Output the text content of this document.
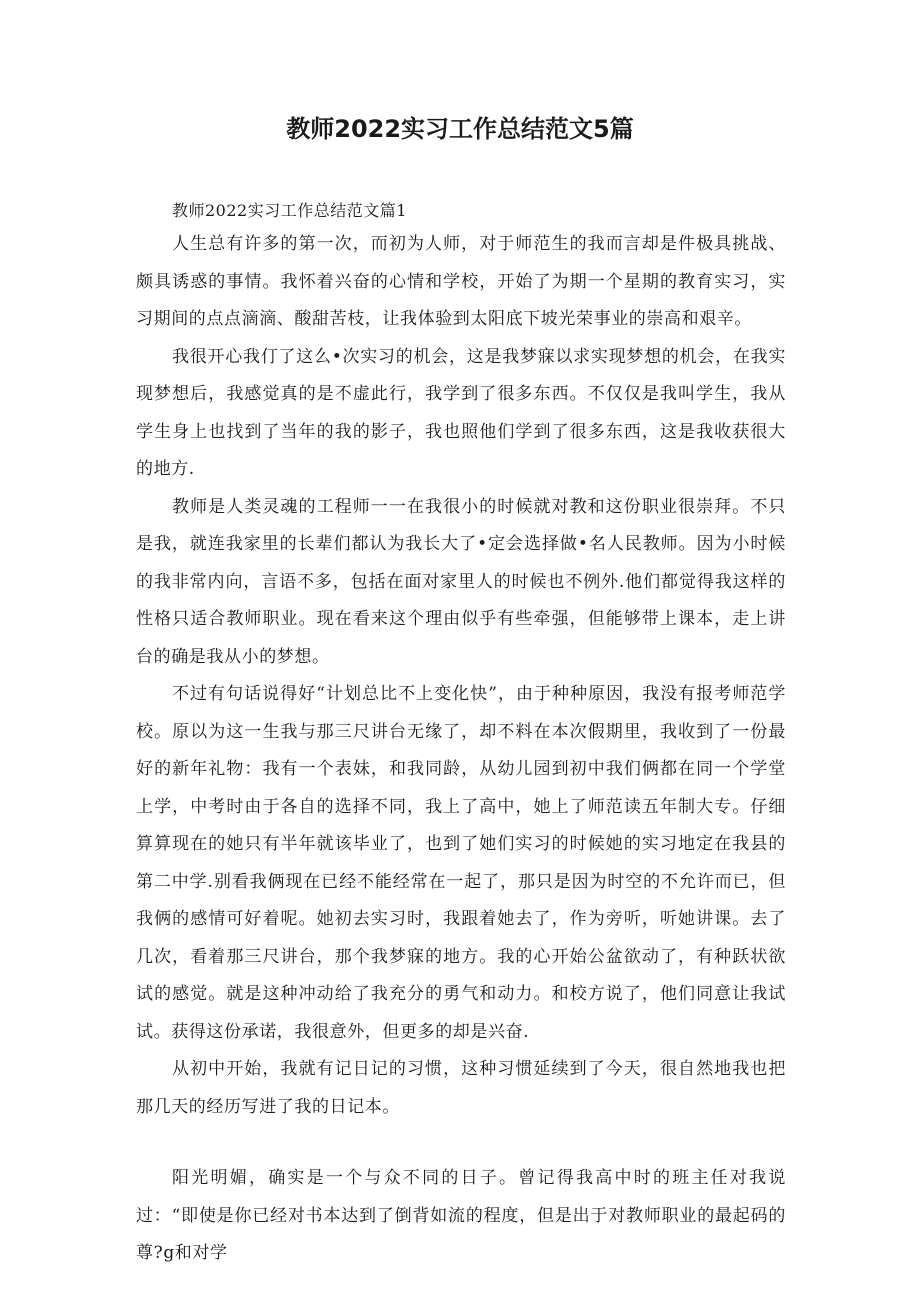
教师2022实习工作总结范文5篇

教师2022实习工作总结范文篇1

人生总有许多的第一次，而初为人师，对于师范生的我而言却是件极具挑战、颇具诱惑的事情。我怀着兴奋的心情和学校，开始了为期一个星期的教育实习，实习期间的点点滴滴、酸甜苦枝，让我体验到太阳底下坡光荣事业的崇高和艰辛。

我很开心我仃了这么•次实习的机会，这是我梦寐以求实现梦想的机会，在我实现梦想后，我感觉真的是不虚此行，我学到了很多东西。不仅仅是我叫学生，我从学生身上也找到了当年的我的影子，我也照他们学到了很多东西，这是我收获很大的地方.

教师是人类灵魂的工程师一一在我很小的时候就对教和这份职业很崇拜。不只是我，就连我家里的长辈们都认为我长大了•定会选择做•名人民教师。因为小时候的我非常内向，言语不多，包括在面对家里人的时候也不例外.他们都觉得我这样的性格只适合教师职业。现在看来这个理由似乎有些牵强，但能够带上课本，走上讲台的确是我从小的梦想。

不过有句话说得好“计划总比不上变化快”，由于种种原因，我没有报考师范学校。原以为这一生我与那三尺讲台无缘了，却不料在本次假期里，我收到了一份最好的新年礼物：我有一个表妹，和我同龄，从幼儿园到初中我们俩都在同一个学堂上学，中考时由于各自的选择不同，我上了高中，她上了师范读五年制大专。仔细算算现在的她只有半年就该毕业了，也到了她们实习的时候她的实习地定在我县的第二中学.别看我俩现在已经不能经常在一起了，那只是因为时空的不允许而已，但我俩的感情可好着呢。她初去实习时，我跟着她去了，作为旁听，听她讲课。去了几次，看着那三尺讲台，那个我梦寐的地方。我的心开始公盆欲动了，有种跃状欲试的感觉。就是这种冲动给了我充分的勇气和动力。和校方说了，他们同意让我试试。获得这份承诺，我很意外，但更多的却是兴奋.

从初中开始，我就有记日记的习惯，这种习惯延续到了今天，很自然地我也把那几天的经历写进了我的日记本。

阳光明媚，确实是一个与众不同的日子。曾记得我高中时的班主任对我说过：“即使是你已经对书本达到了倒背如流的程度，但是出于对教师职业的最起码的尊?g和对学
